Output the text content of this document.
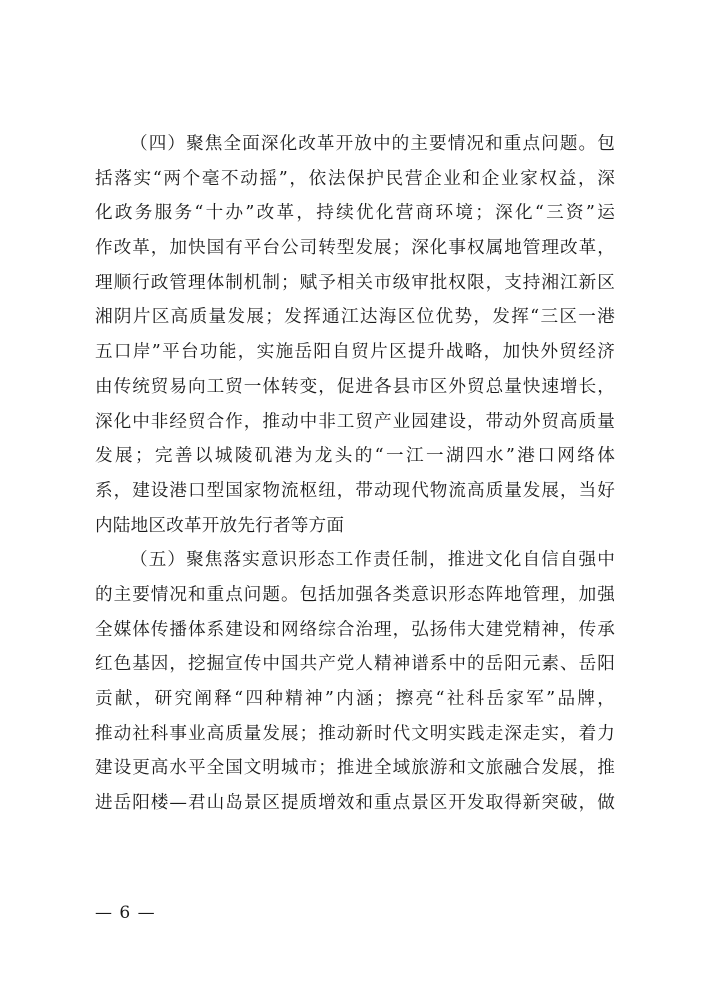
（四）聚焦全面深化改革开放中的主要情况和重点问题。包
括落实“两个毫不动摇”，依法保护民营企业和企业家权益，深
化政务服务“十办”改革，持续优化营商环境；深化“三资”运
作改革，加快国有平台公司转型发展；深化事权属地管理改革，
理顺行政管理体制机制；赋予相关市级审批权限，支持湘江新区
湘阴片区高质量发展；发挥通江达海区位优势，发挥“三区一港
五口岸”平台功能，实施岳阳自贸片区提升战略，加快外贸经济
由传统贸易向工贸一体转变，促进各县市区外贸总量快速增长，
深化中非经贸合作，推动中非工贸产业园建设，带动外贸高质量
发展；完善以城陵矶港为龙头的“一江一湖四水”港口网络体
系，建设港口型国家物流枢纽，带动现代物流高质量发展，当好
内陆地区改革开放先行者等方面
（五）聚焦落实意识形态工作责任制，推进文化自信自强中
的主要情况和重点问题。包括加强各类意识形态阵地管理，加强
全媒体传播体系建设和网络综合治理，弘扬伟大建党精神，传承
红色基因，挖掘宣传中国共产党人精神谱系中的岳阳元素、岳阳
贡献，研究阐释“四种精神”内涵；擦亮“社科岳家军”品牌，
推动社科事业高质量发展；推动新时代文明实践走深走实，着力
建设更高水平全国文明城市；推进全域旅游和文旅融合发展，推
进岳阳楼—君山岛景区提质增效和重点景区开发取得新突破，做
— 6 —
